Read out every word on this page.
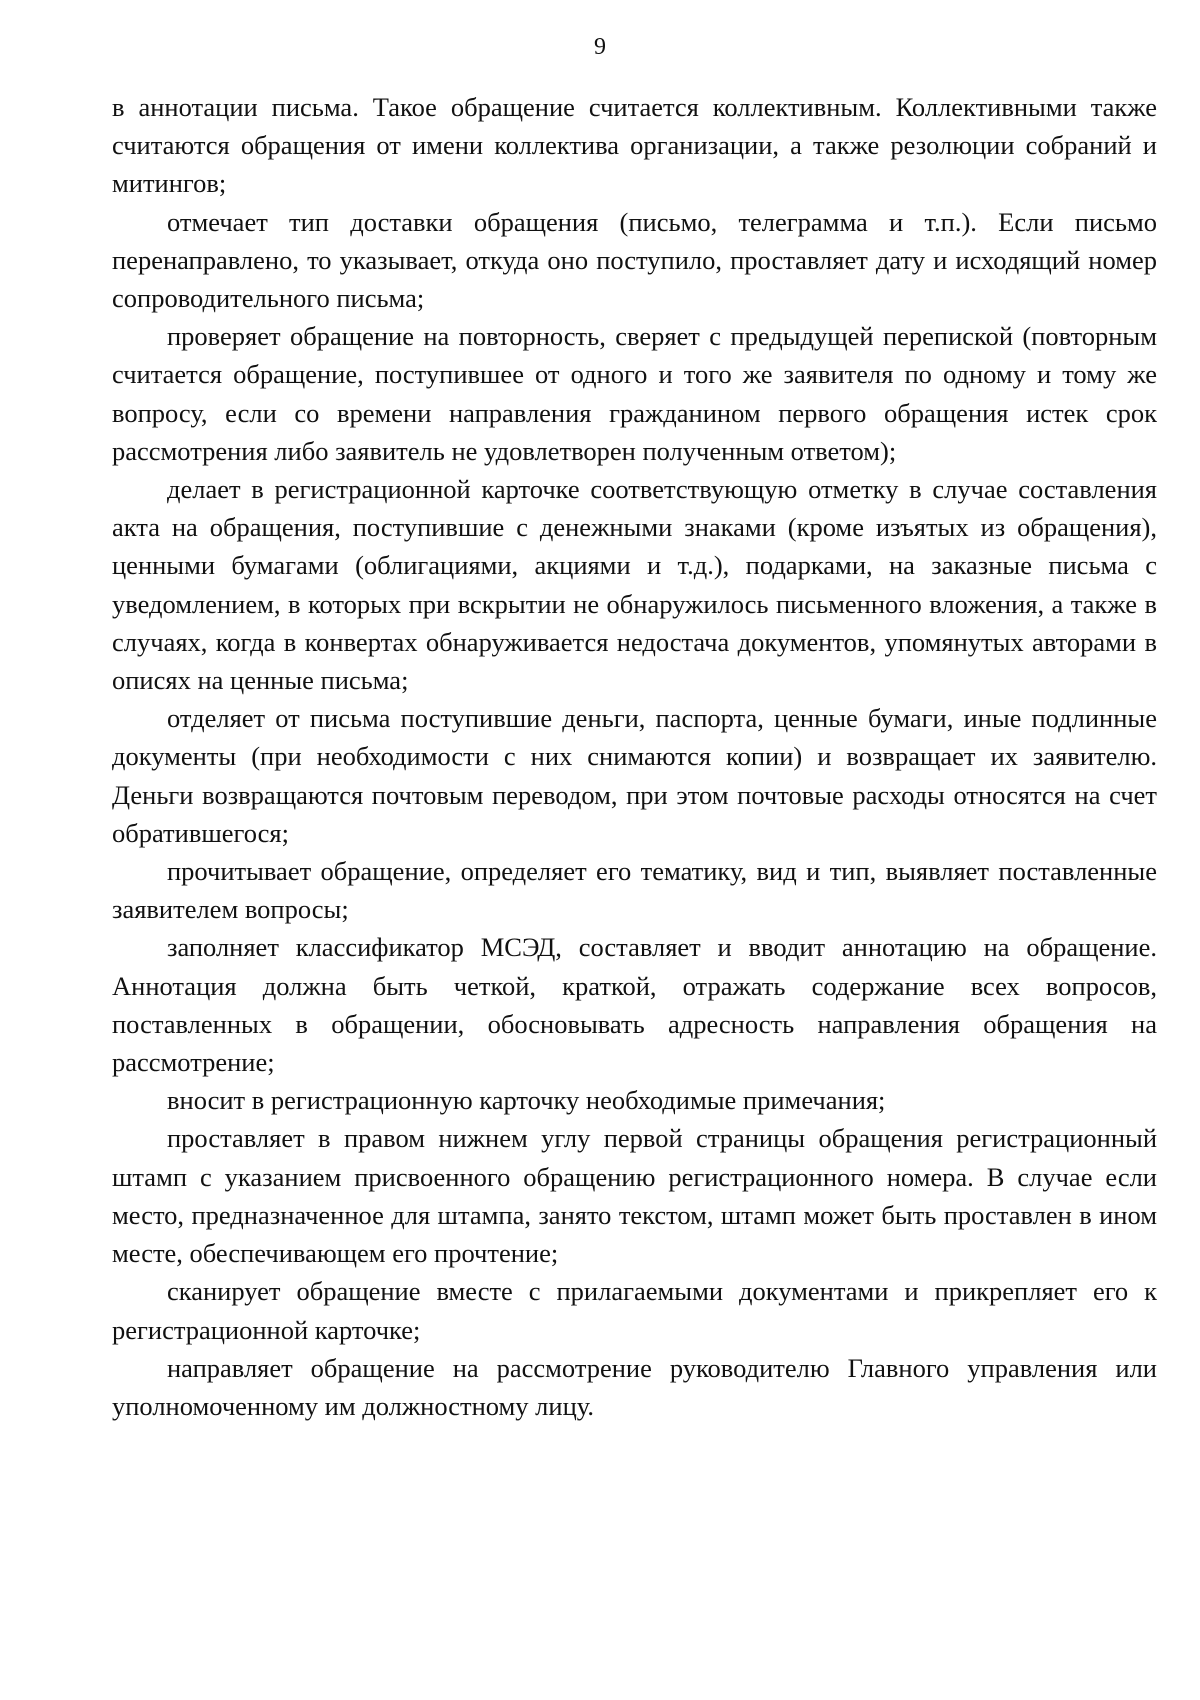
9

в аннотации письма. Такое обращение считается коллективным. Коллективными также считаются обращения от имени коллектива организации, а также резолюции собраний и митингов;

отмечает тип доставки обращения (письмо, телеграмма и т.п.). Если письмо перенаправлено, то указывает, откуда оно поступило, проставляет дату и исходящий номер сопроводительного письма;

проверяет обращение на повторность, сверяет с предыдущей перепиской (повторным считается обращение, поступившее от одного и того же заявителя по одному и тому же вопросу, если со времени направления гражданином первого обращения истек срок рассмотрения либо заявитель не удовлетворен полученным ответом);

делает в регистрационной карточке соответствующую отметку в случае составления акта на обращения, поступившие с денежными знаками (кроме изъятых из обращения), ценными бумагами (облигациями, акциями и т.д.), подарками, на заказные письма с уведомлением, в которых при вскрытии не обнаружилось письменного вложения, а также в случаях, когда в конвертах обнаруживается недостача документов, упомянутых авторами в описях на ценные письма;

отделяет от письма поступившие деньги, паспорта, ценные бумаги, иные подлинные документы (при необходимости с них снимаются копии) и возвращает их заявителю. Деньги возвращаются почтовым переводом, при этом почтовые расходы относятся на счет обратившегося;

прочитывает обращение, определяет его тематику, вид и тип, выявляет поставленные заявителем вопросы;

заполняет классификатор МСЭД, составляет и вводит аннотацию на обращение. Аннотация должна быть четкой, краткой, отражать содержание всех вопросов, поставленных в обращении, обосновывать адресность направления обращения на рассмотрение;

вносит в регистрационную карточку необходимые примечания;

проставляет в правом нижнем углу первой страницы обращения регистрационный штамп с указанием присвоенного обращению регистрационного номера. В случае если место, предназначенное для штампа, занято текстом, штамп может быть проставлен в ином месте, обеспечивающем его прочтение;

сканирует обращение вместе с прилагаемыми документами и прикрепляет его к регистрационной карточке;

направляет обращение на рассмотрение руководителю Главного управления или уполномоченному им должностному лицу.
